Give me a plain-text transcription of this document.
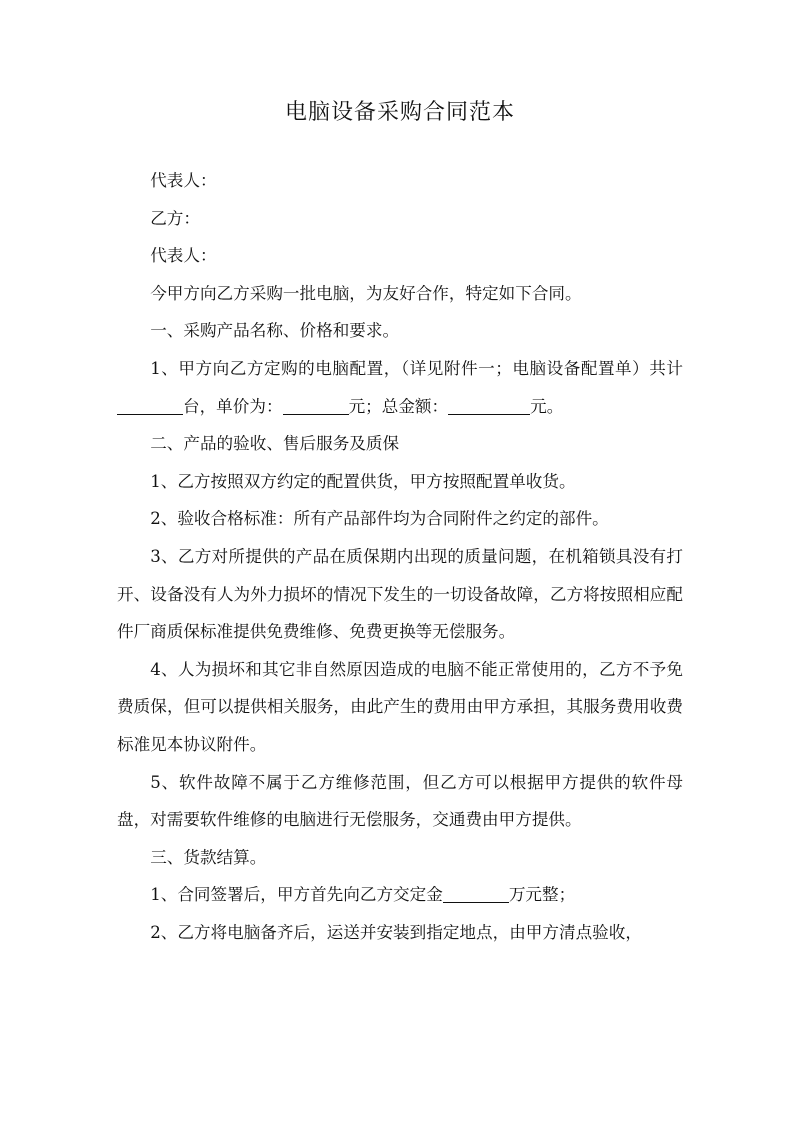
电脑设备采购合同范本

代表人：

乙方：

代表人：

今甲方向乙方采购一批电脑，为友好合作，特定如下合同。

一、采购产品名称、价格和要求。

1、甲方向乙方定购的电脑配置，（详见附件一；电脑设备配置单）共计台，单价为：	元；总金额：	元。

二、产品的验收、售后服务及质保

1、乙方按照双方约定的配置供货，甲方按照配置单收货。

2、验收合格标准：所有产品部件均为合同附件之约定的部件。

3、乙方对所提供的产品在质保期内出现的质量问题，在机箱锁具没有打开、设备没有人为外力损坏的情况下发生的一切设备故障，乙方将按照相应配件厂商质保标准提供免费维修、免费更换等无偿服务。

4、人为损坏和其它非自然原因造成的电脑不能正常使用的，乙方不予免费质保，但可以提供相关服务，由此产生的费用由甲方承担，其服务费用收费标准见本协议附件。

5、软件故障不属于乙方维修范围，但乙方可以根据甲方提供的软件母盘，对需要软件维修的电脑进行无偿服务，交通费由甲方提供。

三、货款结算。

1、合同签署后，甲方首先向乙方交定金	万元整；

2、乙方将电脑备齐后，运送并安装到指定地点，由甲方清点验收，
